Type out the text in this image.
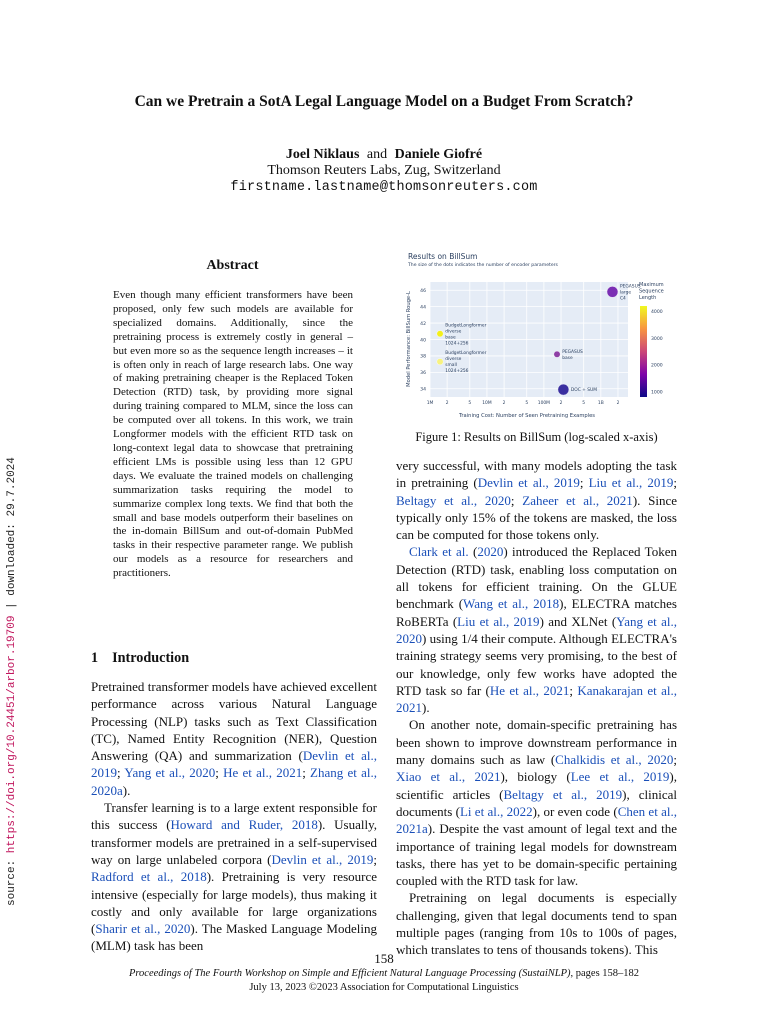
source: https://doi.org/10.24451/arbor.19709 | downloaded: 29.7.2024
Can we Pretrain a SotA Legal Language Model on a Budget From Scratch?
Joel Niklaus and Daniele Giofré
Thomson Reuters Labs, Zug, Switzerland
firstname.lastname@thomsonreuters.com
Abstract
Even though many efficient transformers have been proposed, only few such models are available for specialized domains. Additionally, since the pretraining process is extremely costly in general – but even more so as the sequence length increases – it is often only in reach of large research labs. One way of making pretraining cheaper is the Replaced Token Detection (RTD) task, by providing more signal during training compared to MLM, since the loss can be computed over all tokens. In this work, we train Longformer models with the efficient RTD task on long-context legal data to showcase that pretraining efficient LMs is possible using less than 12 GPU days. We evaluate the trained models on challenging summarization tasks requiring the model to summarize complex long texts. We find that both the small and base models outperform their baselines on the in-domain BillSum and out-of-domain PubMed tasks in their respective parameter range. We publish our models as a resource for researchers and practitioners.
1 Introduction

Pretrained transformer models have achieved excellent performance across various Natural Language Processing (NLP) tasks such as Text Classification (TC), Named Entity Recognition (NER), Question Answering (QA) and summarization (Devlin et al., 2019; Yang et al., 2020; He et al., 2021; Zhang et al., 2020a).

Transfer learning is to a large extent responsible for this success (Howard and Ruder, 2018). Usually, transformer models are pretrained in a self-supervised way on large unlabeled corpora (Devlin et al., 2019; Radford et al., 2018). Pretraining is very resource intensive (especially for large models), thus making it costly and only available for large organizations (Sharir et al., 2020). The Masked Language Modeling (MLM) task has been

Results on BillSum
The size of the dots indicates the number of encoder parameters
34
36
38
40
42
44
46
1M	2	5	10M	2	5 100M 2	5	1B	2
PEGASUS
large
C4
PEGASUS
base
DOC + SUM
BudgetLongformer
diverse
base
1024+256
BudgetLongformer
diverse
small
1024+256
Training Cost: Number of Seen Pretraining Examples
Model Performance: BillSum Rouge-L
Maximum
Sequence
Length
1000
2000
3000
4000
Figure 1: Results on BillSum (log-scaled x-axis)

very successful, with many models adopting the task in pretraining (Devlin et al., 2019; Liu et al., 2019; Beltagy et al., 2020; Zaheer et al., 2021). Since typically only 15% of the tokens are masked, the loss can be computed for those tokens only.

Clark et al. (2020) introduced the Replaced Token Detection (RTD) task, enabling loss computation on all tokens for efficient training. On the GLUE benchmark (Wang et al., 2018), ELECTRA matches RoBERTa (Liu et al., 2019) and XLNet (Yang et al., 2020) using 1/4 their compute. Although ELECTRA's training strategy seems very promising, to the best of our knowledge, only few works have adopted the RTD task so far (He et al., 2021; Kanakarajan et al., 2021).

On another note, domain-specific pretraining has been shown to improve downstream performance in many domains such as law (Chalkidis et al., 2020; Xiao et al., 2021), biology (Lee et al., 2019), scientific articles (Beltagy et al., 2019), clinical documents (Li et al., 2022), or even code (Chen et al., 2021a). Despite the vast amount of legal text and the importance of training legal models for downstream tasks, there has yet to be domain-specific pertaining coupled with the RTD task for law.

Pretraining on legal documents is especially challenging, given that legal documents tend to span multiple pages (ranging from 10s to 100s of pages, which translates to tens of thousands tokens). This

158
Proceedings of The Fourth Workshop on Simple and Efficient Natural Language Processing (SustaiNLP), pages 158–182
July 13, 2023 ©2023 Association for Computational Linguistics
